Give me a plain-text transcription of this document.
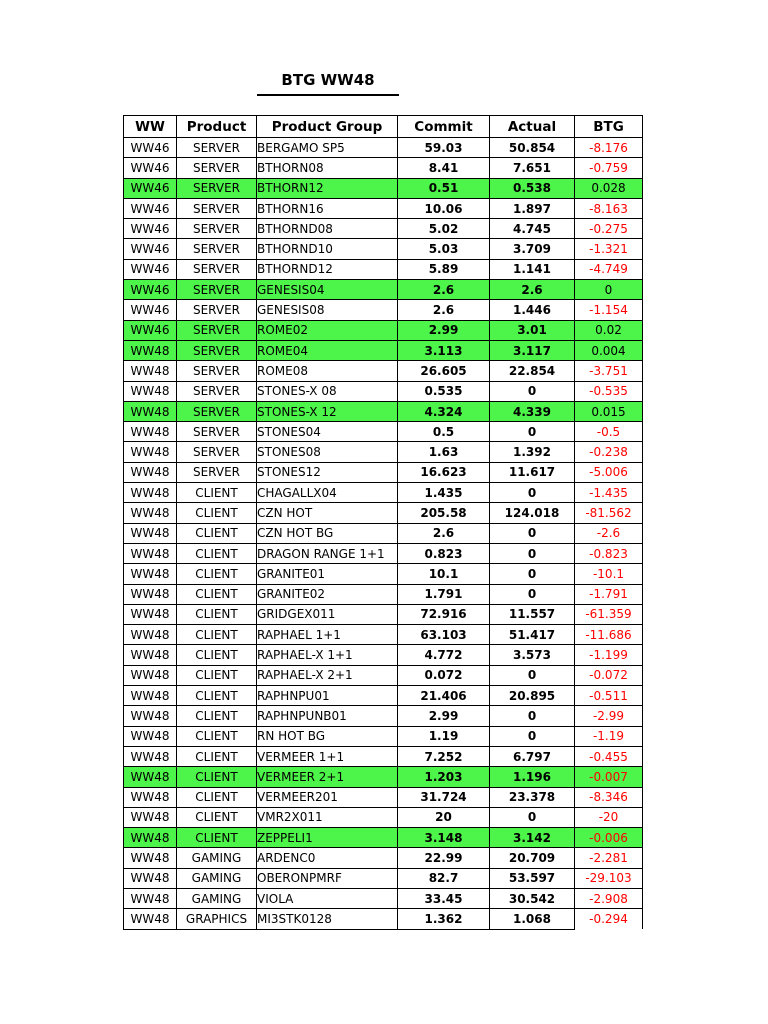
BTG WW48
WW	Product	Product Group	Commit	Actual	BTG
WW46	SERVER	BERGAMO SP5	59.03	50.854	-8.176
WW46	SERVER	BTHORN08	8.41	7.651	-0.759
WW46	SERVER	BTHORN12	0.51	0.538	0.028
WW46	SERVER	BTHORN16	10.06	1.897	-8.163
WW46	SERVER	BTHORND08	5.02	4.745	-0.275
WW46	SERVER	BTHORND10	5.03	3.709	-1.321
WW46	SERVER	BTHORND12	5.89	1.141	-4.749
WW46	SERVER	GENESIS04	2.6	2.6	0
WW46	SERVER	GENESIS08	2.6	1.446	-1.154
WW46	SERVER	ROME02	2.99	3.01	0.02
WW48	SERVER	ROME04	3.113	3.117	0.004
WW48	SERVER	ROME08	26.605	22.854	-3.751
WW48	SERVER	STONES-X 08	0.535	0	-0.535
WW48	SERVER	STONES-X 12	4.324	4.339	0.015
WW48	SERVER	STONES04	0.5	0	-0.5
WW48	SERVER	STONES08	1.63	1.392	-0.238
WW48	SERVER	STONES12	16.623	11.617	-5.006
WW48	CLIENT	CHAGALLX04	1.435	0	-1.435
WW48	CLIENT	CZN HOT	205.58	124.018	-81.562
WW48	CLIENT	CZN HOT BG	2.6	0	-2.6
WW48	CLIENT	DRAGON RANGE 1+1	0.823	0	-0.823
WW48	CLIENT	GRANITE01	10.1	0	-10.1
WW48	CLIENT	GRANITE02	1.791	0	-1.791
WW48	CLIENT	GRIDGEX011	72.916	11.557	-61.359
WW48	CLIENT	RAPHAEL 1+1	63.103	51.417	-11.686
WW48	CLIENT	RAPHAEL-X 1+1	4.772	3.573	-1.199
WW48	CLIENT	RAPHAEL-X 2+1	0.072	0	-0.072
WW48	CLIENT	RAPHNPU01	21.406	20.895	-0.511
WW48	CLIENT	RAPHNPUNB01	2.99	0	-2.99
WW48	CLIENT	RN HOT BG	1.19	0	-1.19
WW48	CLIENT	VERMEER 1+1	7.252	6.797	-0.455
WW48	CLIENT	VERMEER 2+1	1.203	1.196	-0.007
WW48	CLIENT	VERMEER201	31.724	23.378	-8.346
WW48	CLIENT	VMR2X011	20	0	-20
WW48	CLIENT	ZEPPELI1	3.148	3.142	-0.006
WW48	GAMING	ARDENC0	22.99	20.709	-2.281
WW48	GAMING	OBERONPMRF	82.7	53.597	-29.103
WW48	GAMING	VIOLA	33.45	30.542	-2.908
WW48	GRAPHICS	MI3STK0128	1.362	1.068	-0.294
